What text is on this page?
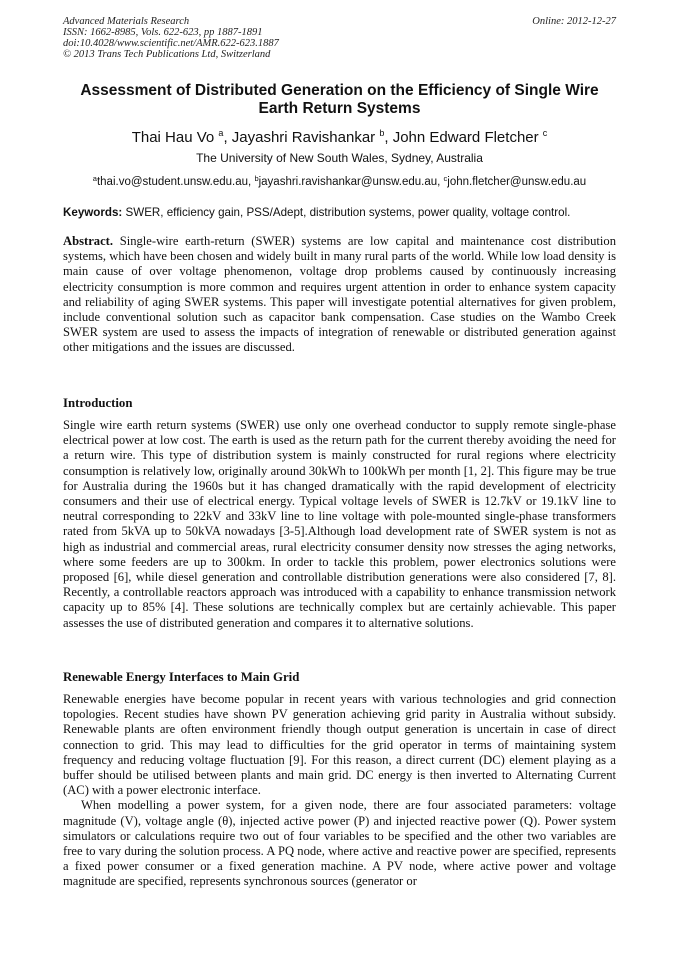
Advanced Materials Research
ISSN: 1662-8985, Vols. 622-623, pp 1887-1891
doi:10.4028/www.scientific.net/AMR.622-623.1887
© 2013 Trans Tech Publications Ltd, Switzerland
Online: 2012-12-27
Assessment of Distributed Generation on the Efficiency of Single Wire Earth Return Systems
Thai Hau Vo $^a$, Jayashri Ravishankar $^b$, John Edward Fletcher $^c$
The University of New South Wales, Sydney, Australia
$^a$thai.vo@student.unsw.edu.au, $^b$jayashri.ravishankar@unsw.edu.au, $^c$john.fletcher@unsw.edu.au
Keywords: SWER, efficiency gain, PSS/Adept, distribution systems, power quality, voltage control.

Abstract. Single-wire earth-return (SWER) systems are low capital and maintenance cost distribution systems, which have been chosen and widely built in many rural parts of the world. While low load density is main cause of over voltage phenomenon, voltage drop problems caused by continuously increasing electricity consumption is more common and requires urgent attention in order to enhance system capacity and reliability of aging SWER systems. This paper will investigate potential alternatives for given problem, include conventional solution such as capacitor bank compensation. Case studies on the Wambo Creek SWER system are used to assess the impacts of integration of renewable or distributed generation against other mitigations and the issues are discussed.

Introduction

Single wire earth return systems (SWER) use only one overhead conductor to supply remote single-phase electrical power at low cost. The earth is used as the return path for the current thereby avoiding the need for a return wire. This type of distribution system is mainly constructed for rural regions where electricity consumption is relatively low, originally around 30kWh to 100kWh per month [1, 2]. This figure may be true for Australia during the 1960s but it has changed dramatically with the rapid development of electricity consumers and their use of electrical energy. Typical voltage levels of SWER is 12.7kV or 19.1kV line to neutral corresponding to 22kV and 33kV line to line voltage with pole-mounted single-phase transformers rated from 5kVA up to 50kVA nowadays [3-5].Although load development rate of SWER system is not as high as industrial and commercial areas, rural electricity consumer density now stresses the aging networks, where some feeders are up to 300km. In order to tackle this problem, power electronics solutions were proposed [6], while diesel generation and controllable distribution generations were also considered [7, 8]. Recently, a controllable reactors approach was introduced with a capability to enhance transmission network capacity up to 85% [4]. These solutions are technically complex but are certainly achievable. This paper assesses the use of distributed generation and compares it to alternative solutions.

Renewable Energy Interfaces to Main Grid

Renewable energies have become popular in recent years with various technologies and grid connection topologies. Recent studies have shown PV generation achieving grid parity in Australia without subsidy. Renewable plants are often environment friendly though output generation is uncertain in case of direct connection to grid. This may lead to difficulties for the grid operator in terms of maintaining system frequency and reducing voltage fluctuation [9]. For this reason, a direct current (DC) element playing as a buffer should be utilised between plants and main grid. DC energy is then inverted to Alternating Current (AC) with a power electronic interface.

When modelling a power system, for a given node, there are four associated parameters: voltage magnitude (V), voltage angle (θ), injected active power (P) and injected reactive power (Q). Power system simulators or calculations require two out of four variables to be specified and the other two variables are free to vary during the solution process. A PQ node, where active and reactive power are specified, represents a fixed power consumer or a fixed generation machine. A PV node, where active power and voltage magnitude are specified, represents synchronous sources (generator or
